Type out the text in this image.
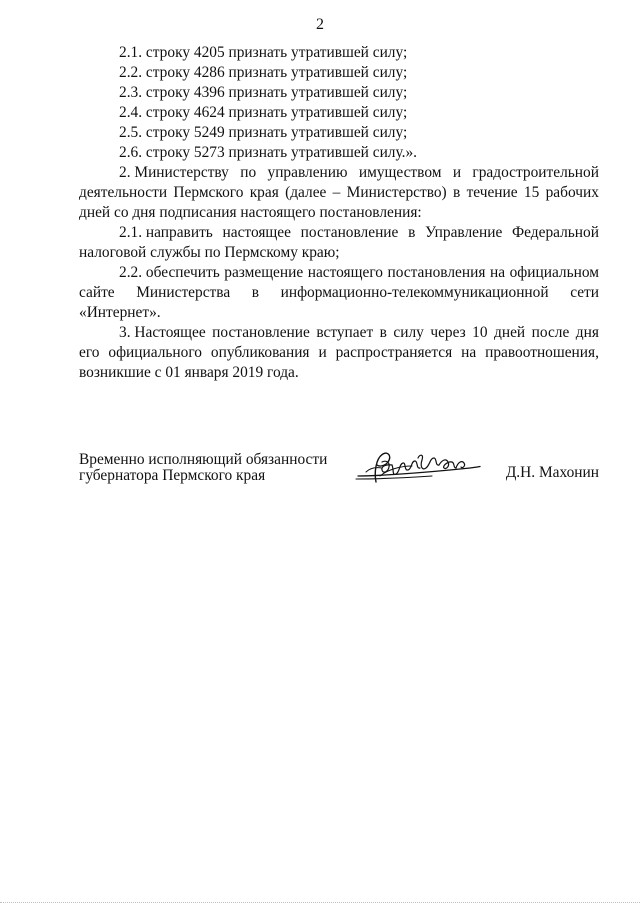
2
2.1. строку 4205 признать утратившей силу;
2.2. строку 4286 признать утратившей силу;
2.3. строку 4396 признать утратившей силу;
2.4. строку 4624 признать утратившей силу;
2.5. строку 5249 признать утратившей силу;
2.6. строку 5273 признать утратившей силу.».
2. Министерству по управлению имуществом и градостроительной
деятельности Пермского края (далее – Министерство) в течение 15 рабочих
дней со дня подписания настоящего постановления:
2.1. направить настоящее постановление в Управление Федеральной
налоговой службы по Пермскому краю;
2.2. обеспечить размещение настоящего постановления на официальном
сайте Министерства в информационно-телекоммуникационной сети
«Интернет».
3. Настоящее постановление вступает в силу через 10 дней после дня
его официального опубликования и распространяется на правоотношения,
возникшие с 01 января 2019 года.
Временно исполняющий обязанности
губернатора Пермского края	Д.Н. Махонин
